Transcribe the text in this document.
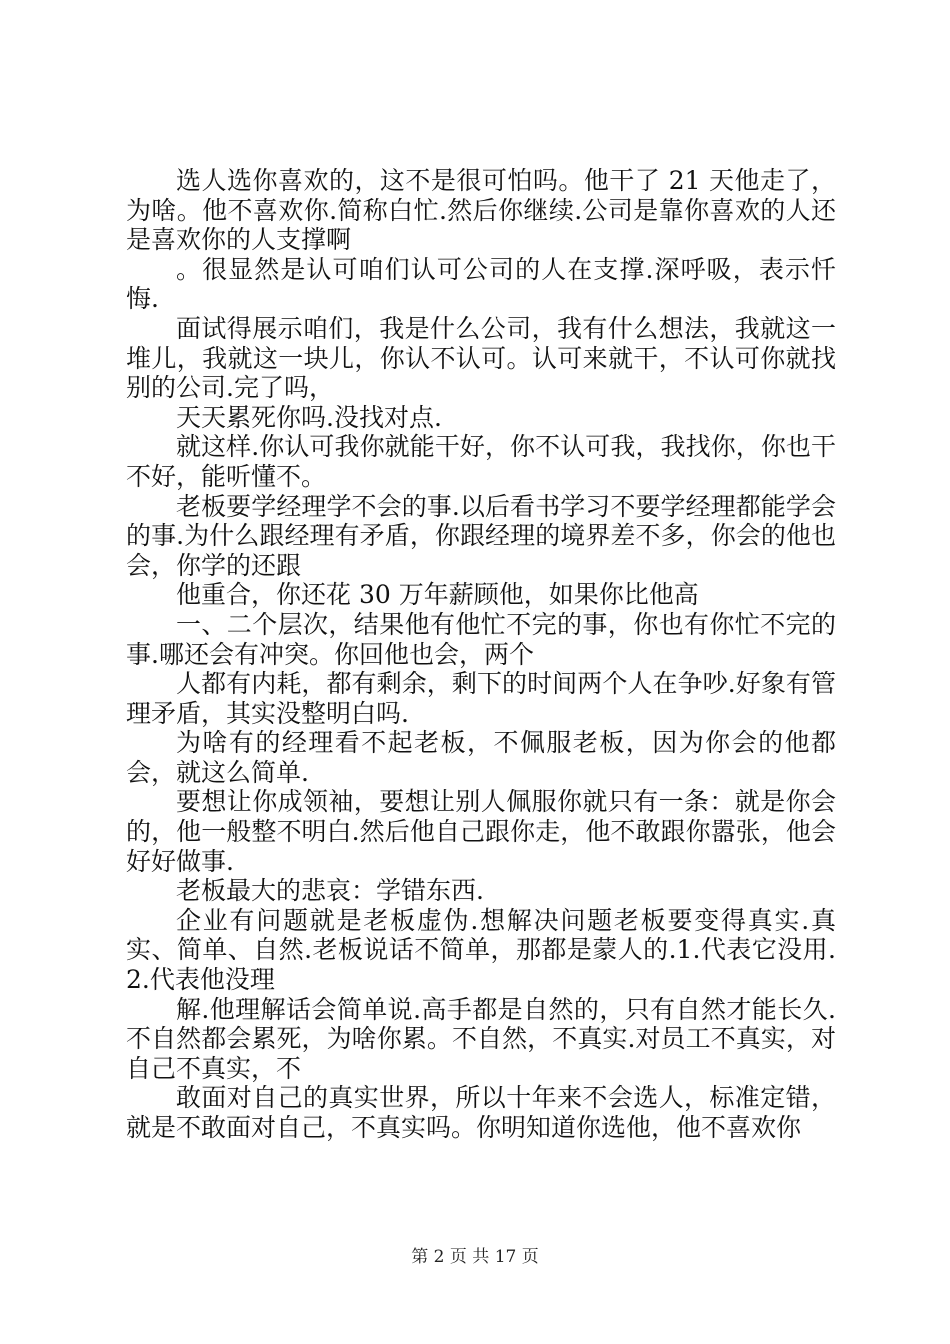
选人选你喜欢的，这不是很可怕吗。他干了 21 天他走了，为啥。他不喜欢你.简称白忙.然后你继续.公司是靠你喜欢的人还是喜欢你的人支撑啊

。很显然是认可咱们认可公司的人在支撑.深呼吸，表示忏悔.

面试得展示咱们，我是什么公司，我有什么想法，我就这一堆儿，我就这一块儿，你认不认可。认可来就干，不认可你就找别的公司.完了吗，

天天累死你吗.没找对点.

就这样.你认可我你就能干好，你不认可我，我找你，你也干不好，能听懂不。

老板要学经理学不会的事.以后看书学习不要学经理都能学会的事.为什么跟经理有矛盾，你跟经理的境界差不多，你会的他也会，你学的还跟

他重合，你还花 30 万年薪顾他，如果你比他高

一、二个层次，结果他有他忙不完的事，你也有你忙不完的事.哪还会有冲突。你回他也会，两个

人都有内耗，都有剩余，剩下的时间两个人在争吵.好象有管理矛盾，其实没整明白吗.

为啥有的经理看不起老板，不佩服老板，因为你会的他都会，就这么简单.

要想让你成领袖，要想让别人佩服你就只有一条：就是你会的，他一般整不明白.然后他自己跟你走，他不敢跟你嚣张，他会好好做事.

老板最大的悲哀：学错东西.

企业有问题就是老板虚伪.想解决问题老板要变得真实.真实、简单、自然.老板说话不简单，那都是蒙人的.1.代表它没用.2.代表他没理

解.他理解话会简单说.高手都是自然的，只有自然才能长久.不自然都会累死，为啥你累。不自然，不真实.对员工不真实，对自己不真实，不

敢面对自己的真实世界，所以十年来不会选人，标准定错，就是不敢面对自己，不真实吗。你明知道你选他，他不喜欢你

第 2 页 共 17 页
